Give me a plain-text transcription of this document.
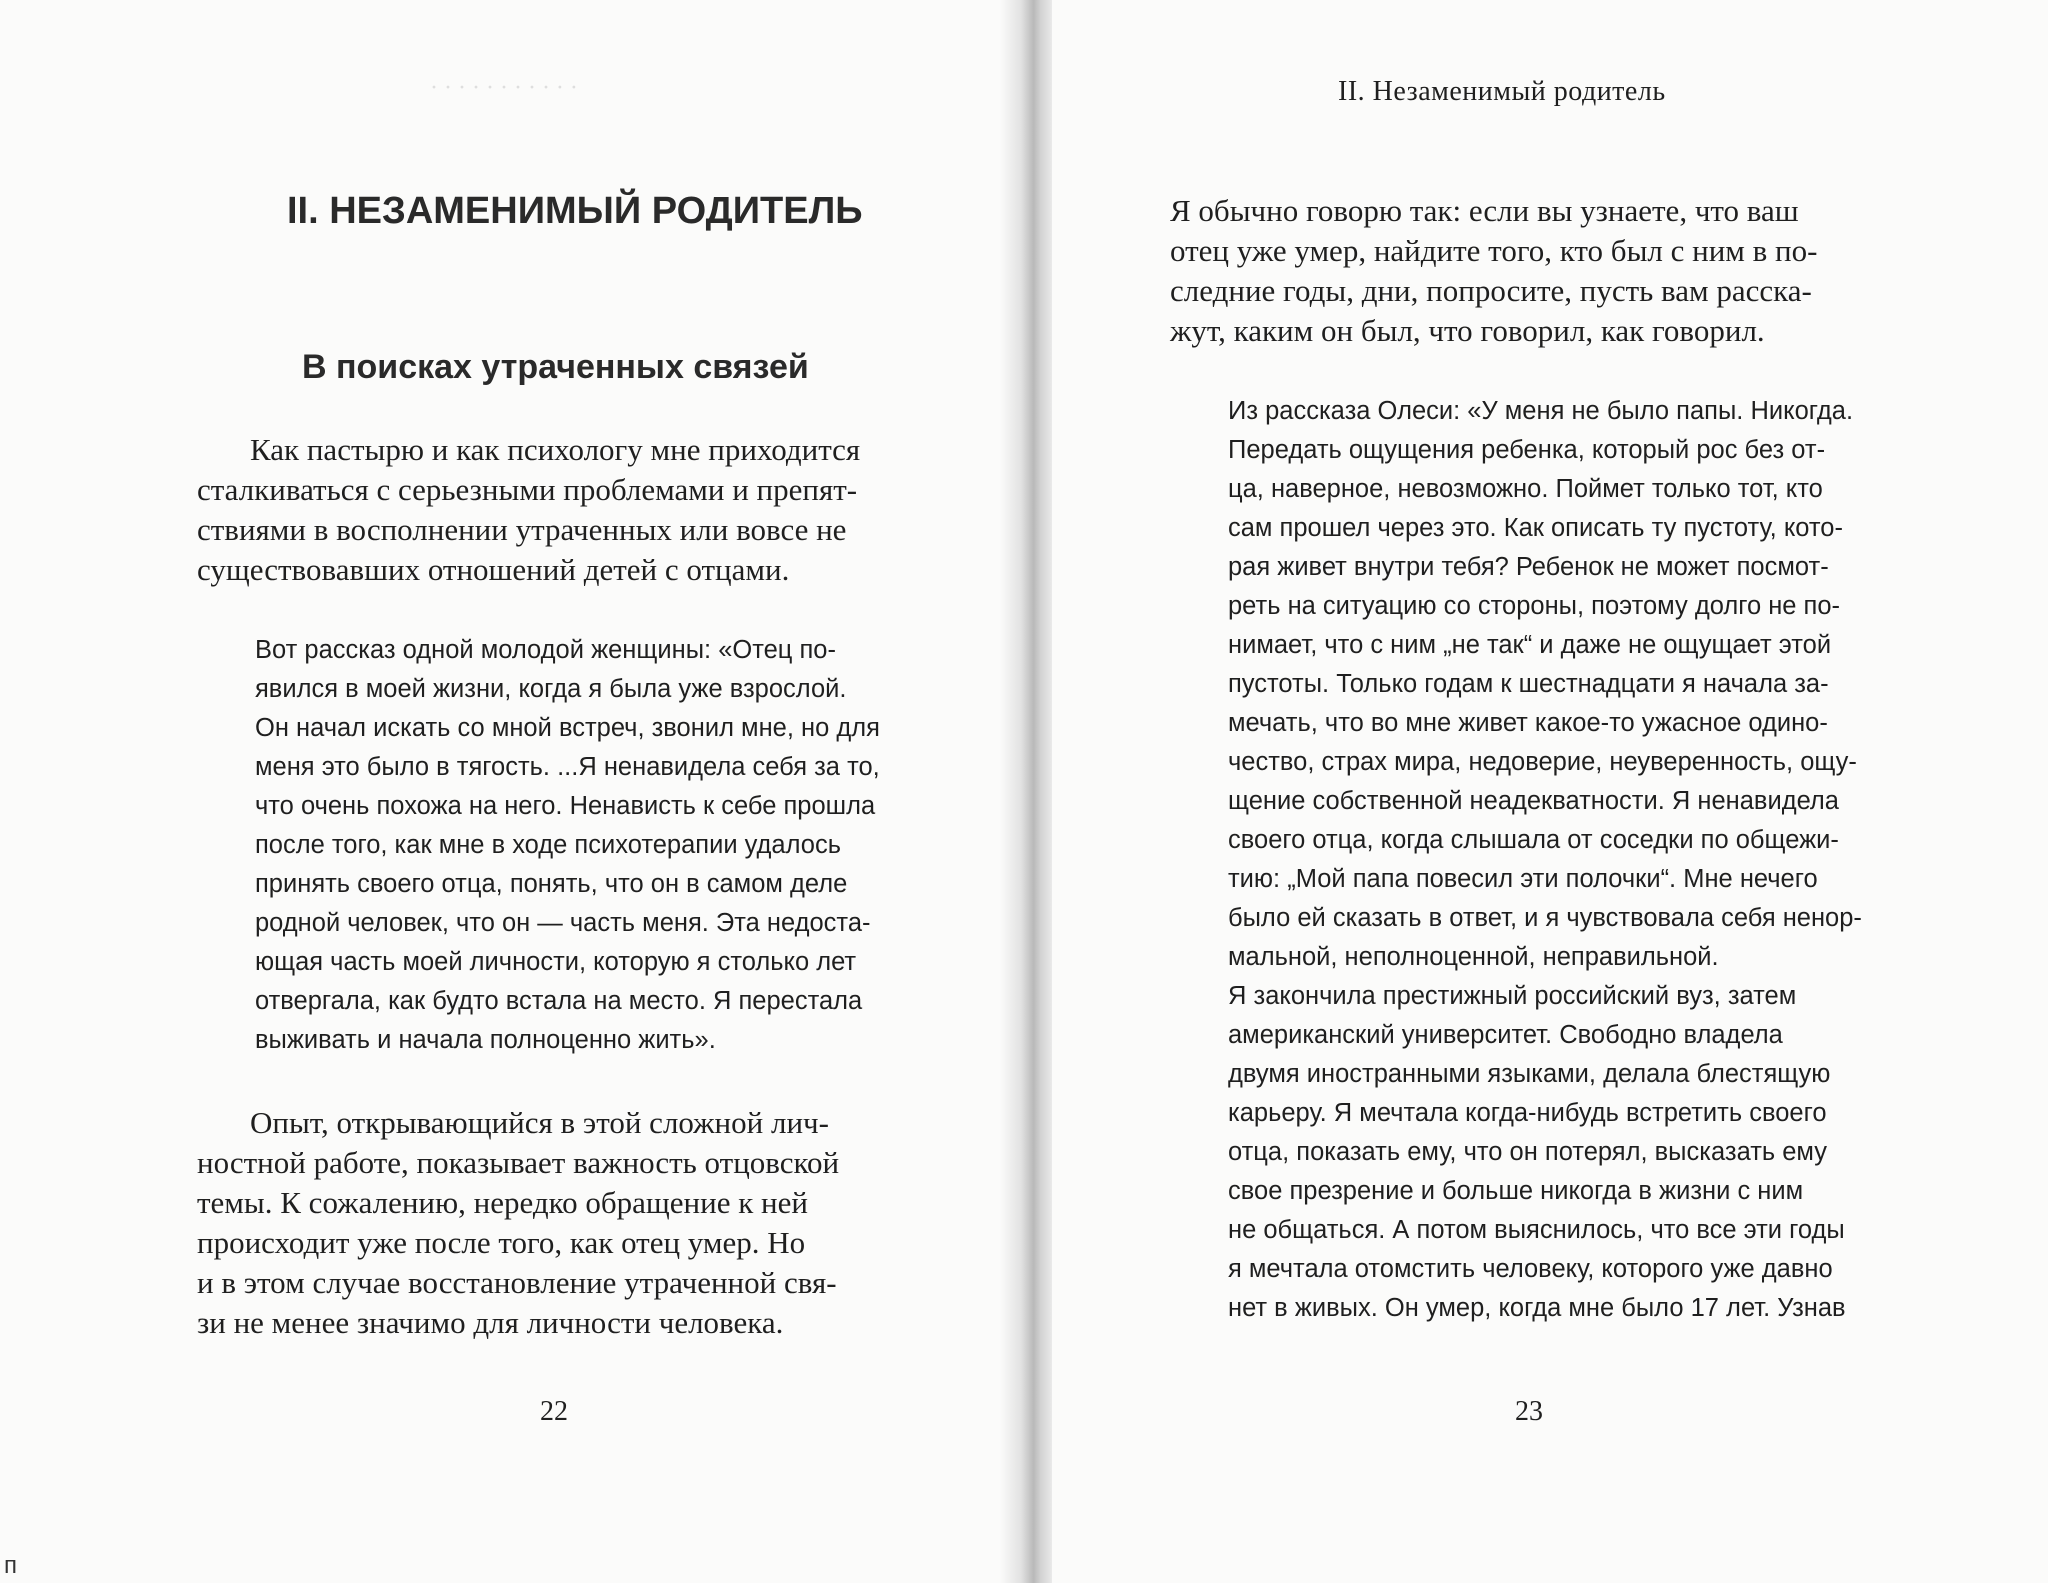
· · · · · · · · · · ·
II. НЕЗАМЕНИМЫЙ РОДИТЕЛЬ
В поисках утраченных связей
Как пастырю и как психологу мне приходится
сталкиваться с серьезными проблемами и препят-
ствиями в восполнении утраченных или вовсе не
существовавших отношений детей с отцами.
Вот рассказ одной молодой женщины: «Отец по-
явился в моей жизни, когда я была уже взрослой.
Он начал искать со мной встреч, звонил мне, но для
меня это было в тягость. ...Я ненавидела себя за то,
что очень похожа на него. Ненависть к себе прошла
после того, как мне в ходе психотерапии удалось
принять своего отца, понять, что он в самом деле
родной человек, что он — часть меня. Эта недоста-
ющая часть моей личности, которую я столько лет
отвергала, как будто встала на место. Я перестала
выживать и начала полноценно жить».
Опыт, открывающийся в этой сложной лич-
ностной работе, показывает важность отцовской
темы. К сожалению, нередко обращение к ней
происходит уже после того, как отец умер. Но
и в этом случае восстановление утраченной свя-
зи не менее значимо для личности человека.
22
п
II. Незаменимый родитель
Я обычно говорю так: если вы узнаете, что ваш
отец уже умер, найдите того, кто был с ним в по-
следние годы, дни, попросите, пусть вам расска-
жут, каким он был, что говорил, как говорил.
Из рассказа Олеси: «У меня не было папы. Никогда.
Передать ощущения ребенка, который рос без от-
ца, наверное, невозможно. Поймет только тот, кто
сам прошел через это. Как описать ту пустоту, кото-
рая живет внутри тебя? Ребенок не может посмот-
реть на ситуацию со стороны, поэтому долго не по-
нимает, что с ним „не так“ и даже не ощущает этой
пустоты. Только годам к шестнадцати я начала за-
мечать, что во мне живет какое-то ужасное одино-
чество, страх мира, недоверие, неуверенность, ощу-
щение собственной неадекватности. Я ненавидела
своего отца, когда слышала от соседки по общежи-
тию: „Мой папа повесил эти полочки“. Мне нечего
было ей сказать в ответ, и я чувствовала себя ненор-
мальной, неполноценной, неправильной.
Я закончила престижный российский вуз, затем
американский университет. Свободно владела
двумя иностранными языками, делала блестящую
карьеру. Я мечтала когда-нибудь встретить своего
отца, показать ему, что он потерял, высказать ему
свое презрение и больше никогда в жизни с ним
не общаться. А потом выяснилось, что все эти годы
я мечтала отомстить человеку, которого уже давно
нет в живых. Он умер, когда мне было 17 лет. Узнав
23
